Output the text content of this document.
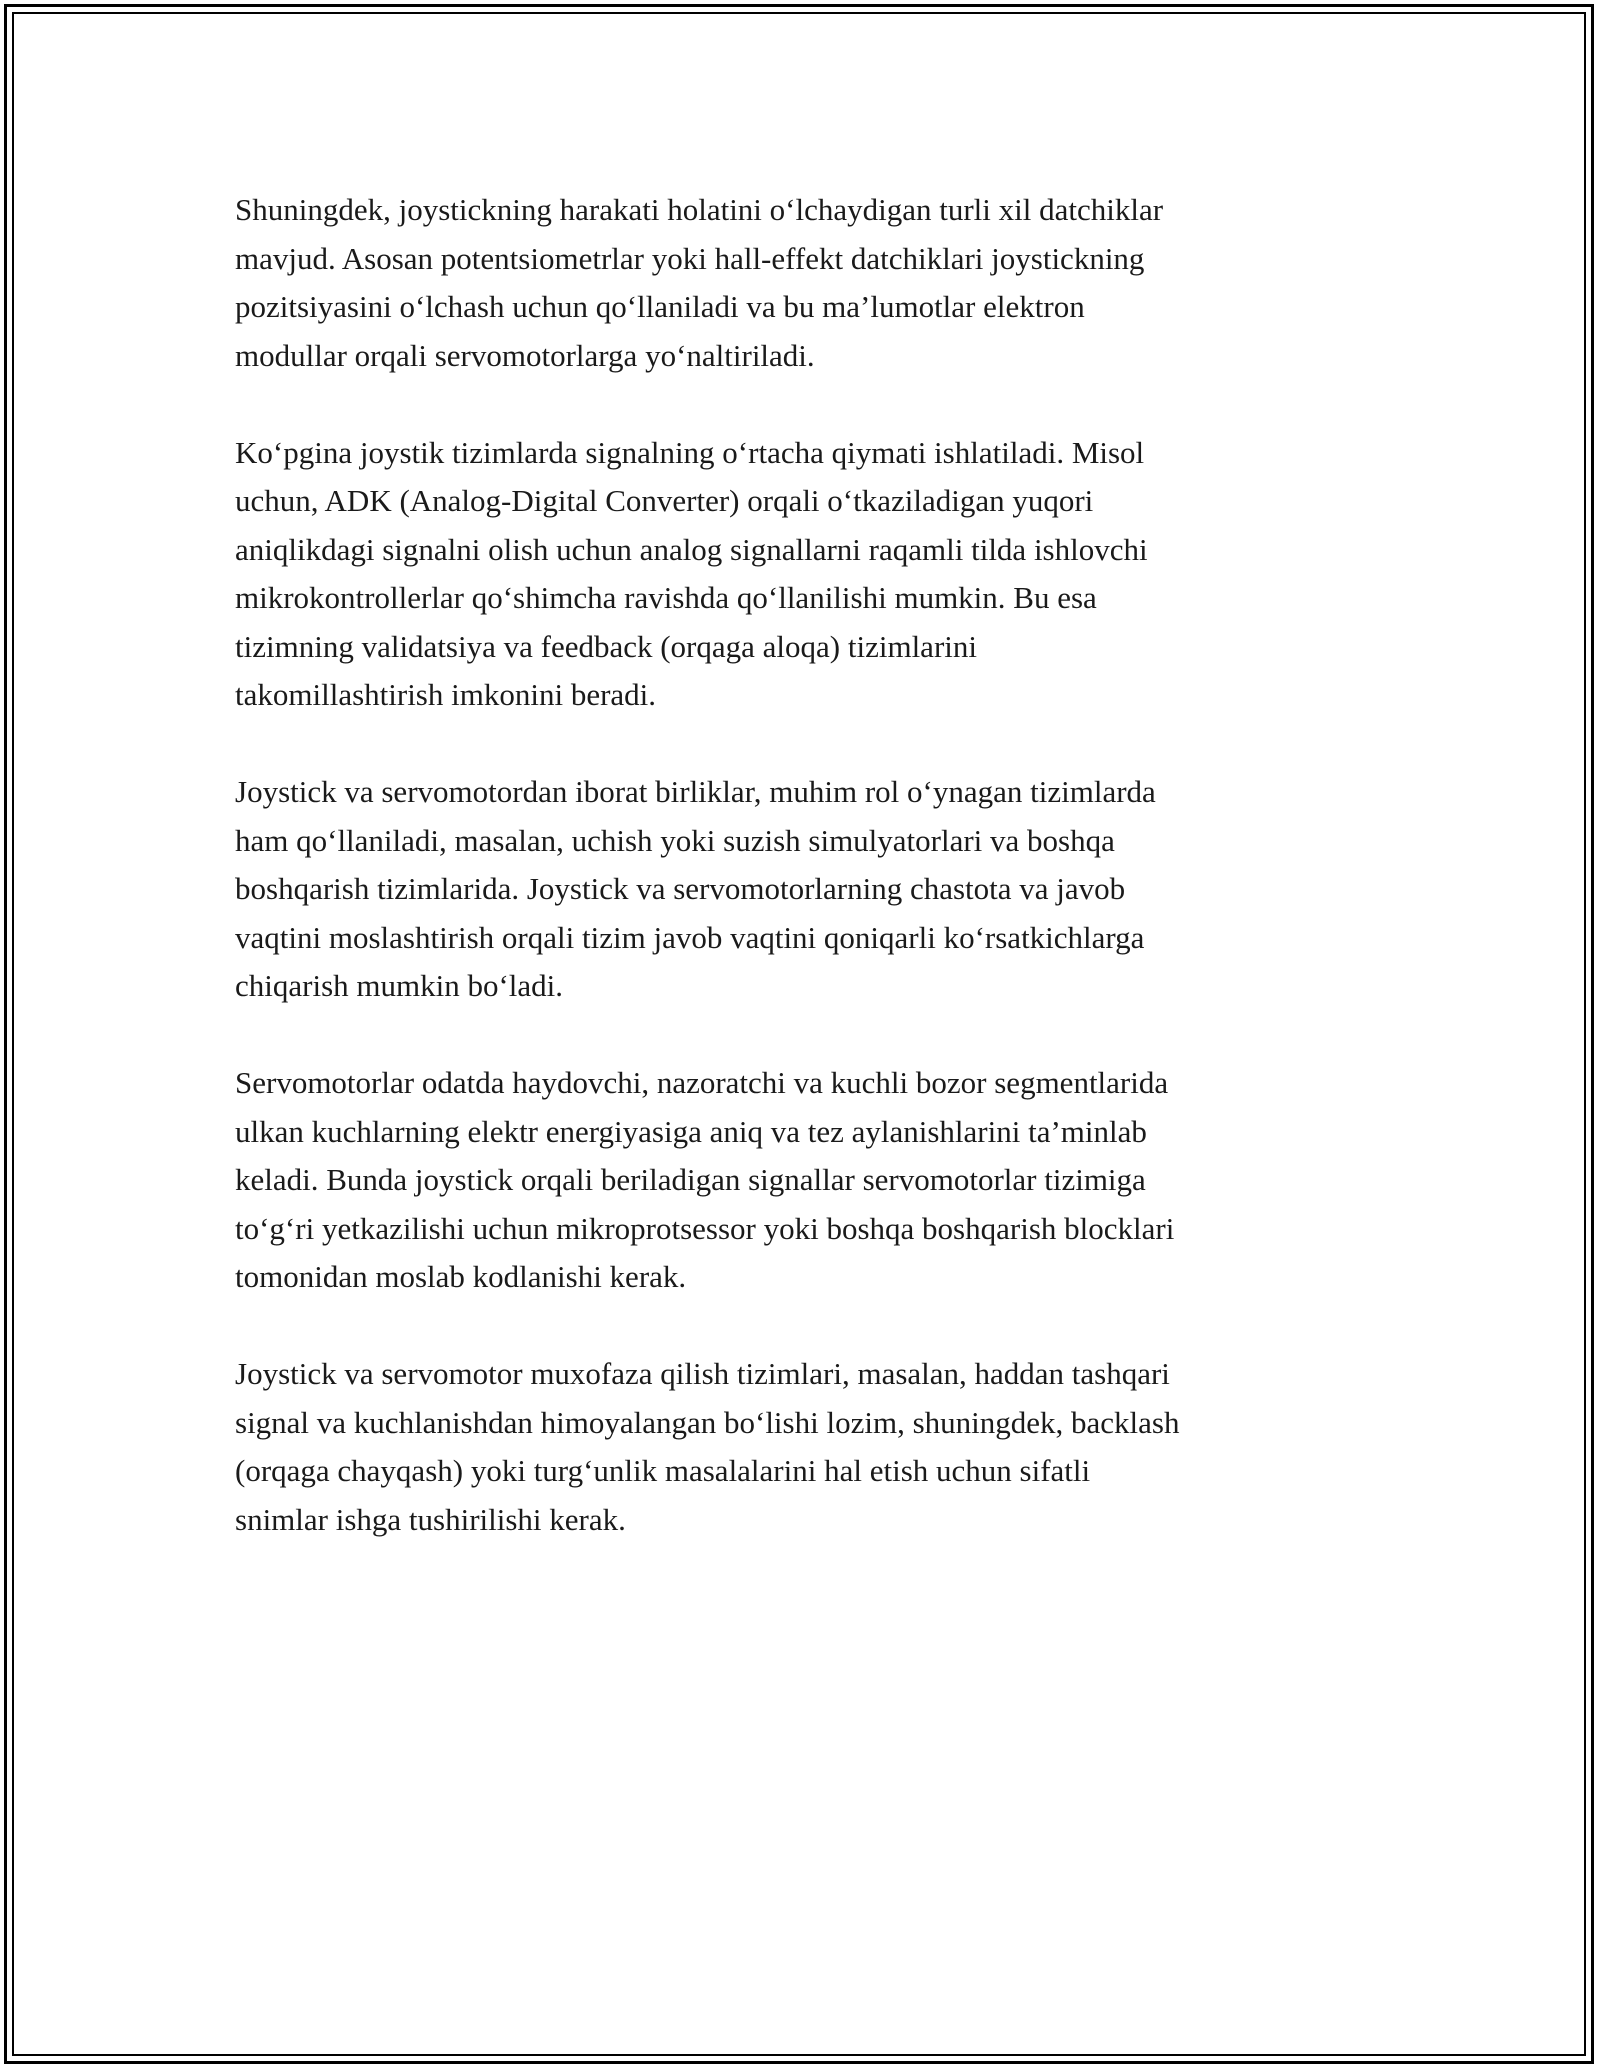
Shuningdek, joystickning harakati holatini o‘lchaydigan turli xil datchiklar
mavjud. Asosan potentsiometrlar yoki hall-effekt datchiklari joystickning
pozitsiyasini o‘lchash uchun qo‘llaniladi va bu ma’lumotlar elektron
modullar orqali servomotorlarga yo‘naltiriladi.

Ko‘pgina joystik tizimlarda signalning o‘rtacha qiymati ishlatiladi. Misol
uchun, ADK (Analog-Digital Converter) orqali o‘tkaziladigan yuqori
aniqlikdagi signalni olish uchun analog signallarni raqamli tilda ishlovchi
mikrokontrollerlar qo‘shimcha ravishda qo‘llanilishi mumkin. Bu esa
tizimning validatsiya va feedback (orqaga aloqa) tizimlarini
takomillashtirish imkonini beradi.

Joystick va servomotordan iborat birliklar, muhim rol o‘ynagan tizimlarda
ham qo‘llaniladi, masalan, uchish yoki suzish simulyatorlari va boshqa
boshqarish tizimlarida. Joystick va servomotorlarning chastota va javob
vaqtini moslashtirish orqali tizim javob vaqtini qoniqarli ko‘rsatkichlarga
chiqarish mumkin bo‘ladi.

Servomotorlar odatda haydovchi, nazoratchi va kuchli bozor segmentlarida
ulkan kuchlarning elektr energiyasiga aniq va tez aylanishlarini ta’minlab
keladi. Bunda joystick orqali beriladigan signallar servomotorlar tizimiga
to‘g‘ri yetkazilishi uchun mikroprotsessor yoki boshqa boshqarish blocklari
tomonidan moslab kodlanishi kerak.

Joystick va servomotor muxofaza qilish tizimlari, masalan, haddan tashqari
signal va kuchlanishdan himoyalangan bo‘lishi lozim, shuningdek, backlash
(orqaga chayqash) yoki turg‘unlik masalalarini hal etish uchun sifatli
snimlar ishga tushirilishi kerak.
